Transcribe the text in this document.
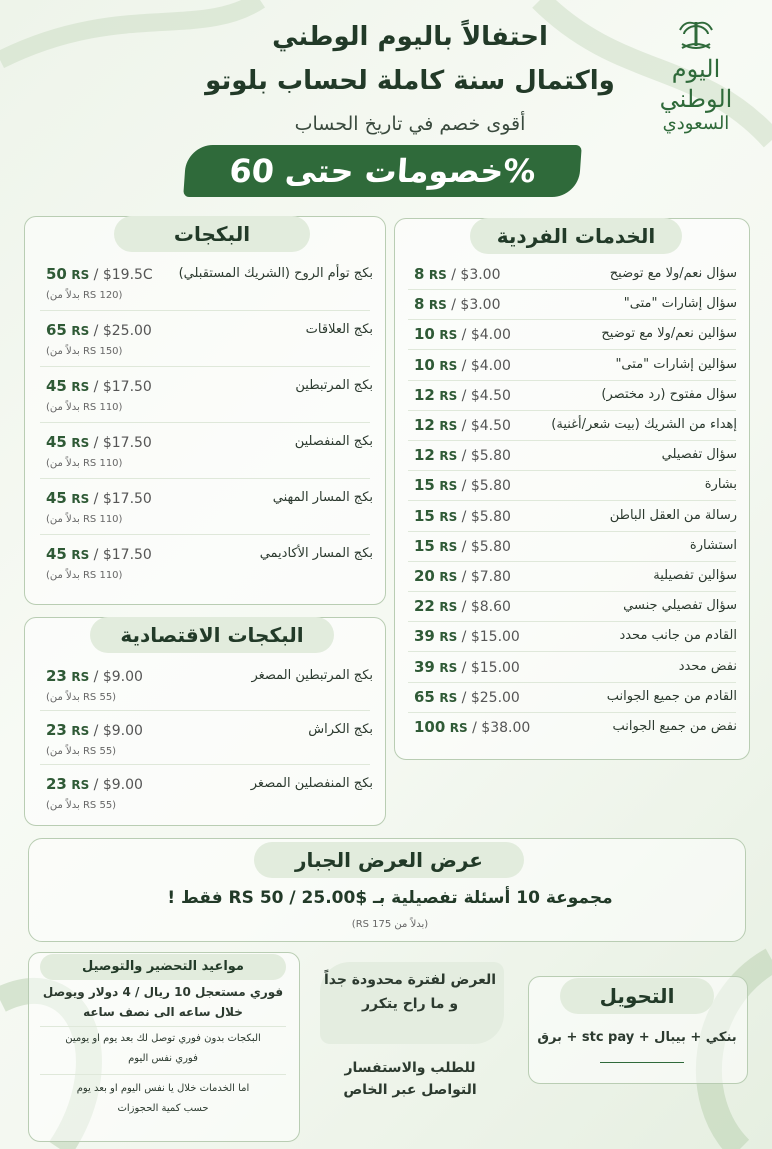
اليوم الوطني
السعودي
احتفالاً باليوم الوطني
واكتمال سنة كاملة لحساب بلوتو
أقوى خصم في تاريخ الحساب
خصومات حتى 60%
الخدمات الفردية
سؤال نعم/ولا مع توضيح
8 RS / $3.00
سؤال إشارات "متى"
8 RS / $3.00
سؤالين نعم/ولا مع توضيح
10 RS / $4.00
سؤالين إشارات "متى"
10 RS / $4.00
سؤال مفتوح (رد مختصر)
12 RS / $4.50
إهداء من الشريك (بيت شعر/أغنية)
12 RS / $4.50
سؤال تفصيلي
12 RS / $5.80
بشارة
15 RS / $5.80
رسالة من العقل الباطن
15 RS / $5.80
استشارة
15 RS / $5.80
سؤالين تفصيلية
20 RS / $7.80
سؤال تفصيلي جنسي
22 RS / $8.60
القادم من جانب محدد
39 RS / $15.00
نفض محدد
39 RS / $15.00
القادم من جميع الجوانب
65 RS / $25.00
نفض من جميع الجوانب
100 RS / $38.00
البكجات
بكج توأم الروح (الشريك المستقبلي)
50 RS / $19.5C
(بدلاً من RS 120)
بكج العلاقات
65 RS / $25.00
(بدلاً من RS 150)
بكج المرتبطين
45 RS / $17.50
(بدلاً من RS 110)
بكج المنفصلين
45 RS / $17.50
(بدلاً من RS 110)
بكج المسار المهني
45 RS / $17.50
(بدلاً من RS 110)
بكج المسار الأكاديمي
45 RS / $17.50
(بدلاً من RS 110)
البكجات الاقتصادية
بكج المرتبطين المصغر
23 RS / $9.00
(بدلاً من RS 55)
بكج الكراش
23 RS / $9.00
(بدلاً من RS 55)
بكج المنفصلين المصغر
23 RS / $9.00
(بدلاً من RS 55)
عرض العرض الجبار
مجموعة 10 أسئلة تفصيلية بـ $25.00 / 50 RS فقط !
(بدلاً من RS 175)
مواعيد التحضير والتوصيل
فوري مستعجل 10 ريال / 4 دولار ويوصل
خلال ساعه الى نصف ساعه
البكجات بدون فوري توصل لك بعد يوم او يومين
فوري نفس اليوم
اما الخدمات خلال يا نفس اليوم او بعد يوم
حسب كمية الحجوزات
العرض لفترة محدودة جداً
و ما راح يتكرر
للطلب والاستفسار
التواصل عبر الخاص
التحويل
بنكي + بيبال + stc pay + برق
